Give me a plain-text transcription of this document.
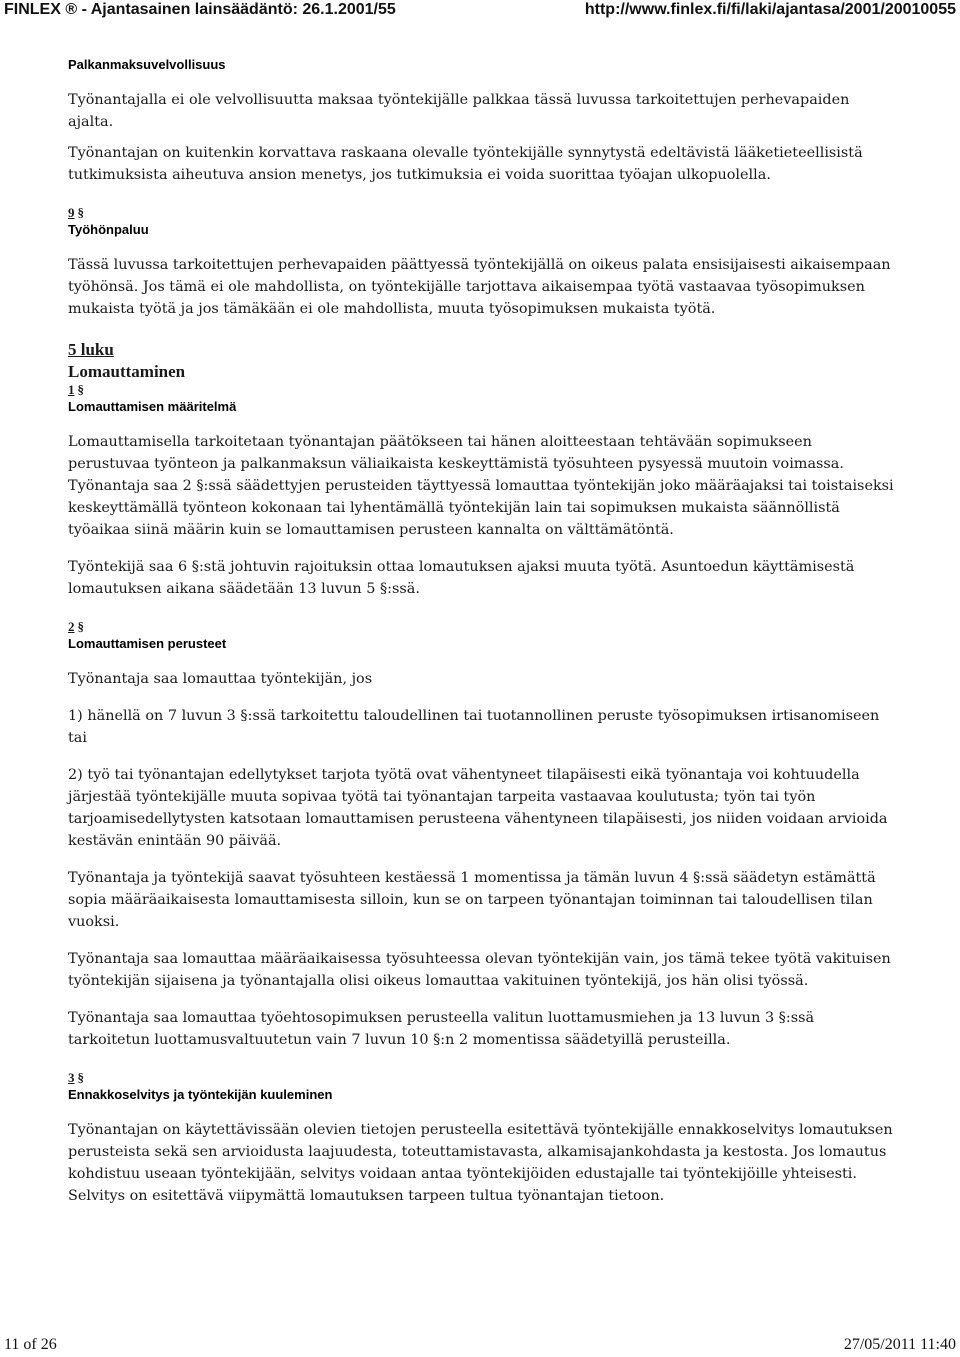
FINLEX ® - Ajantasainen lainsäädäntö: 26.1.2001/55	http://www.finlex.fi/fi/laki/ajantasa/2001/20010055

Palkanmaksuvelvollisuus

Työnantajalla ei ole velvollisuutta maksaa työntekijälle palkkaa tässä luvussa tarkoitettujen perhevapaiden ajalta.

Työnantajan on kuitenkin korvattava raskaana olevalle työntekijälle synnytystä edeltävistä lääketieteellisistä tutkimuksista aiheutuva ansion menetys, jos tutkimuksia ei voida suorittaa työajan ulkopuolella.

9 §

Työhönpaluu

Tässä luvussa tarkoitettujen perhevapaiden päättyessä työntekijällä on oikeus palata ensisijaisesti aikaisempaan työhönsä. Jos tämä ei ole mahdollista, on työntekijälle tarjottava aikaisempaa työtä vastaavaa työsopimuksen mukaista työtä ja jos tämäkään ei ole mahdollista, muuta työsopimuksen mukaista työtä.

5 luku

Lomauttaminen

1 §

Lomauttamisen määritelmä

Lomauttamisella tarkoitetaan työnantajan päätökseen tai hänen aloitteestaan tehtävään sopimukseen perustuvaa työnteon ja palkanmaksun väliaikaista keskeyttämistä työsuhteen pysyessä muutoin voimassa. Työnantaja saa 2 §:ssä säädettyjen perusteiden täyttyessä lomauttaa työntekijän joko määräajaksi tai toistaiseksi keskeyttämällä työnteon kokonaan tai lyhentämällä työntekijän lain tai sopimuksen mukaista säännöllistä työaikaa siinä määrin kuin se lomauttamisen perusteen kannalta on välttämätöntä.

Työntekijä saa 6 §:stä johtuvin rajoituksin ottaa lomautuksen ajaksi muuta työtä. Asuntoedun käyttämisestä lomautuksen aikana säädetään 13 luvun 5 §:ssä.

2 §

Lomauttamisen perusteet

Työnantaja saa lomauttaa työntekijän, jos

1) hänellä on 7 luvun 3 §:ssä tarkoitettu taloudellinen tai tuotannollinen peruste työsopimuksen irtisanomiseen tai

2) työ tai työnantajan edellytykset tarjota työtä ovat vähentyneet tilapäisesti eikä työnantaja voi kohtuudella järjestää työntekijälle muuta sopivaa työtä tai työnantajan tarpeita vastaavaa koulutusta; työn tai työn tarjoamisedellytysten katsotaan lomauttamisen perusteena vähentyneen tilapäisesti, jos niiden voidaan arvioida kestävän enintään 90 päivää.

Työnantaja ja työntekijä saavat työsuhteen kestäessä 1 momentissa ja tämän luvun 4 §:ssä säädetyn estämättä sopia määräaikaisesta lomauttamisesta silloin, kun se on tarpeen työnantajan toiminnan tai taloudellisen tilan vuoksi.

Työnantaja saa lomauttaa määräaikaisessa työsuhteessa olevan työntekijän vain, jos tämä tekee työtä vakituisen työntekijän sijaisena ja työnantajalla olisi oikeus lomauttaa vakituinen työntekijä, jos hän olisi työssä.

Työnantaja saa lomauttaa työehtosopimuksen perusteella valitun luottamusmiehen ja 13 luvun 3 §:ssä tarkoitetun luottamusvaltuutetun vain 7 luvun 10 §:n 2 momentissa säädetyillä perusteilla.

3 §

Ennakkoselvitys ja työntekijän kuuleminen

Työnantajan on käytettävissään olevien tietojen perusteella esitettävä työntekijälle ennakkoselvitys lomautuksen perusteista sekä sen arvioidusta laajuudesta, toteuttamistavasta, alkamisajankohdasta ja kestosta. Jos lomautus kohdistuu useaan työntekijään, selvitys voidaan antaa työntekijöiden edustajalle tai työntekijöille yhteisesti. Selvitys on esitettävä viipymättä lomautuksen tarpeen tultua työnantajan tietoon.

11 of 26	27/05/2011 11:40
